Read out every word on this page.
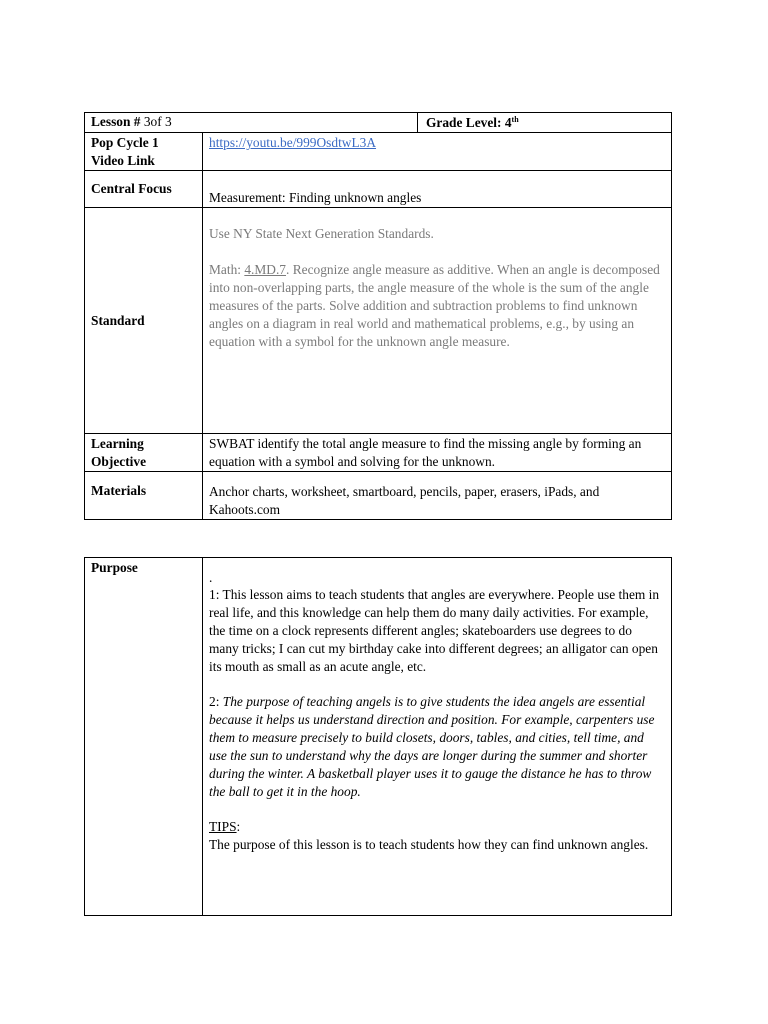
Lesson # 3of 3		Grade Level: 4th

Pop Cycle 1
Video Link	https://youtu.be/999OsdtwL3A	
Central Focus	Measurement: Finding unknown angles	
Standard	Use NY State Next Generation Standards.

Math: 4.MD.7. Recognize angle measure as additive. When an angle is decomposed into non-overlapping parts, the angle measure of the whole is the sum of the angle measures of the parts. Solve addition and subtraction problems to find unknown angles on a diagram in real world and mathematical problems, e.g., by using an equation with a symbol for the unknown angle measure.	

Learning
Objective	SWBAT identify the total angle measure to find the missing angle by forming an equation with a symbol and solving for the unknown.	
Materials	Anchor charts, worksheet, smartboard, pencils, paper, erasers, iPads, and Kahoots.com	
Purpose	

.

1: This lesson aims to teach students that angles are everywhere. People use them in real life, and this knowledge can help them do many daily activities. For example, the time on a clock represents different angles; skateboarders use degrees to do many tricks; I can cut my birthday cake into different degrees; an alligator can open its mouth as small as an acute angle, etc.

2: The purpose of teaching angels is to give students the idea angels are essential because it helps us understand direction and position. For example, carpenters use them to measure precisely to build closets, doors, tables, and cities, tell time, and use the sun to understand why the days are longer during the summer and shorter during the winter. A basketball player uses it to gauge the distance he has to throw the ball to get it in the hoop.

TIPS:

The purpose of this lesson is to teach students how they can find unknown angles.
